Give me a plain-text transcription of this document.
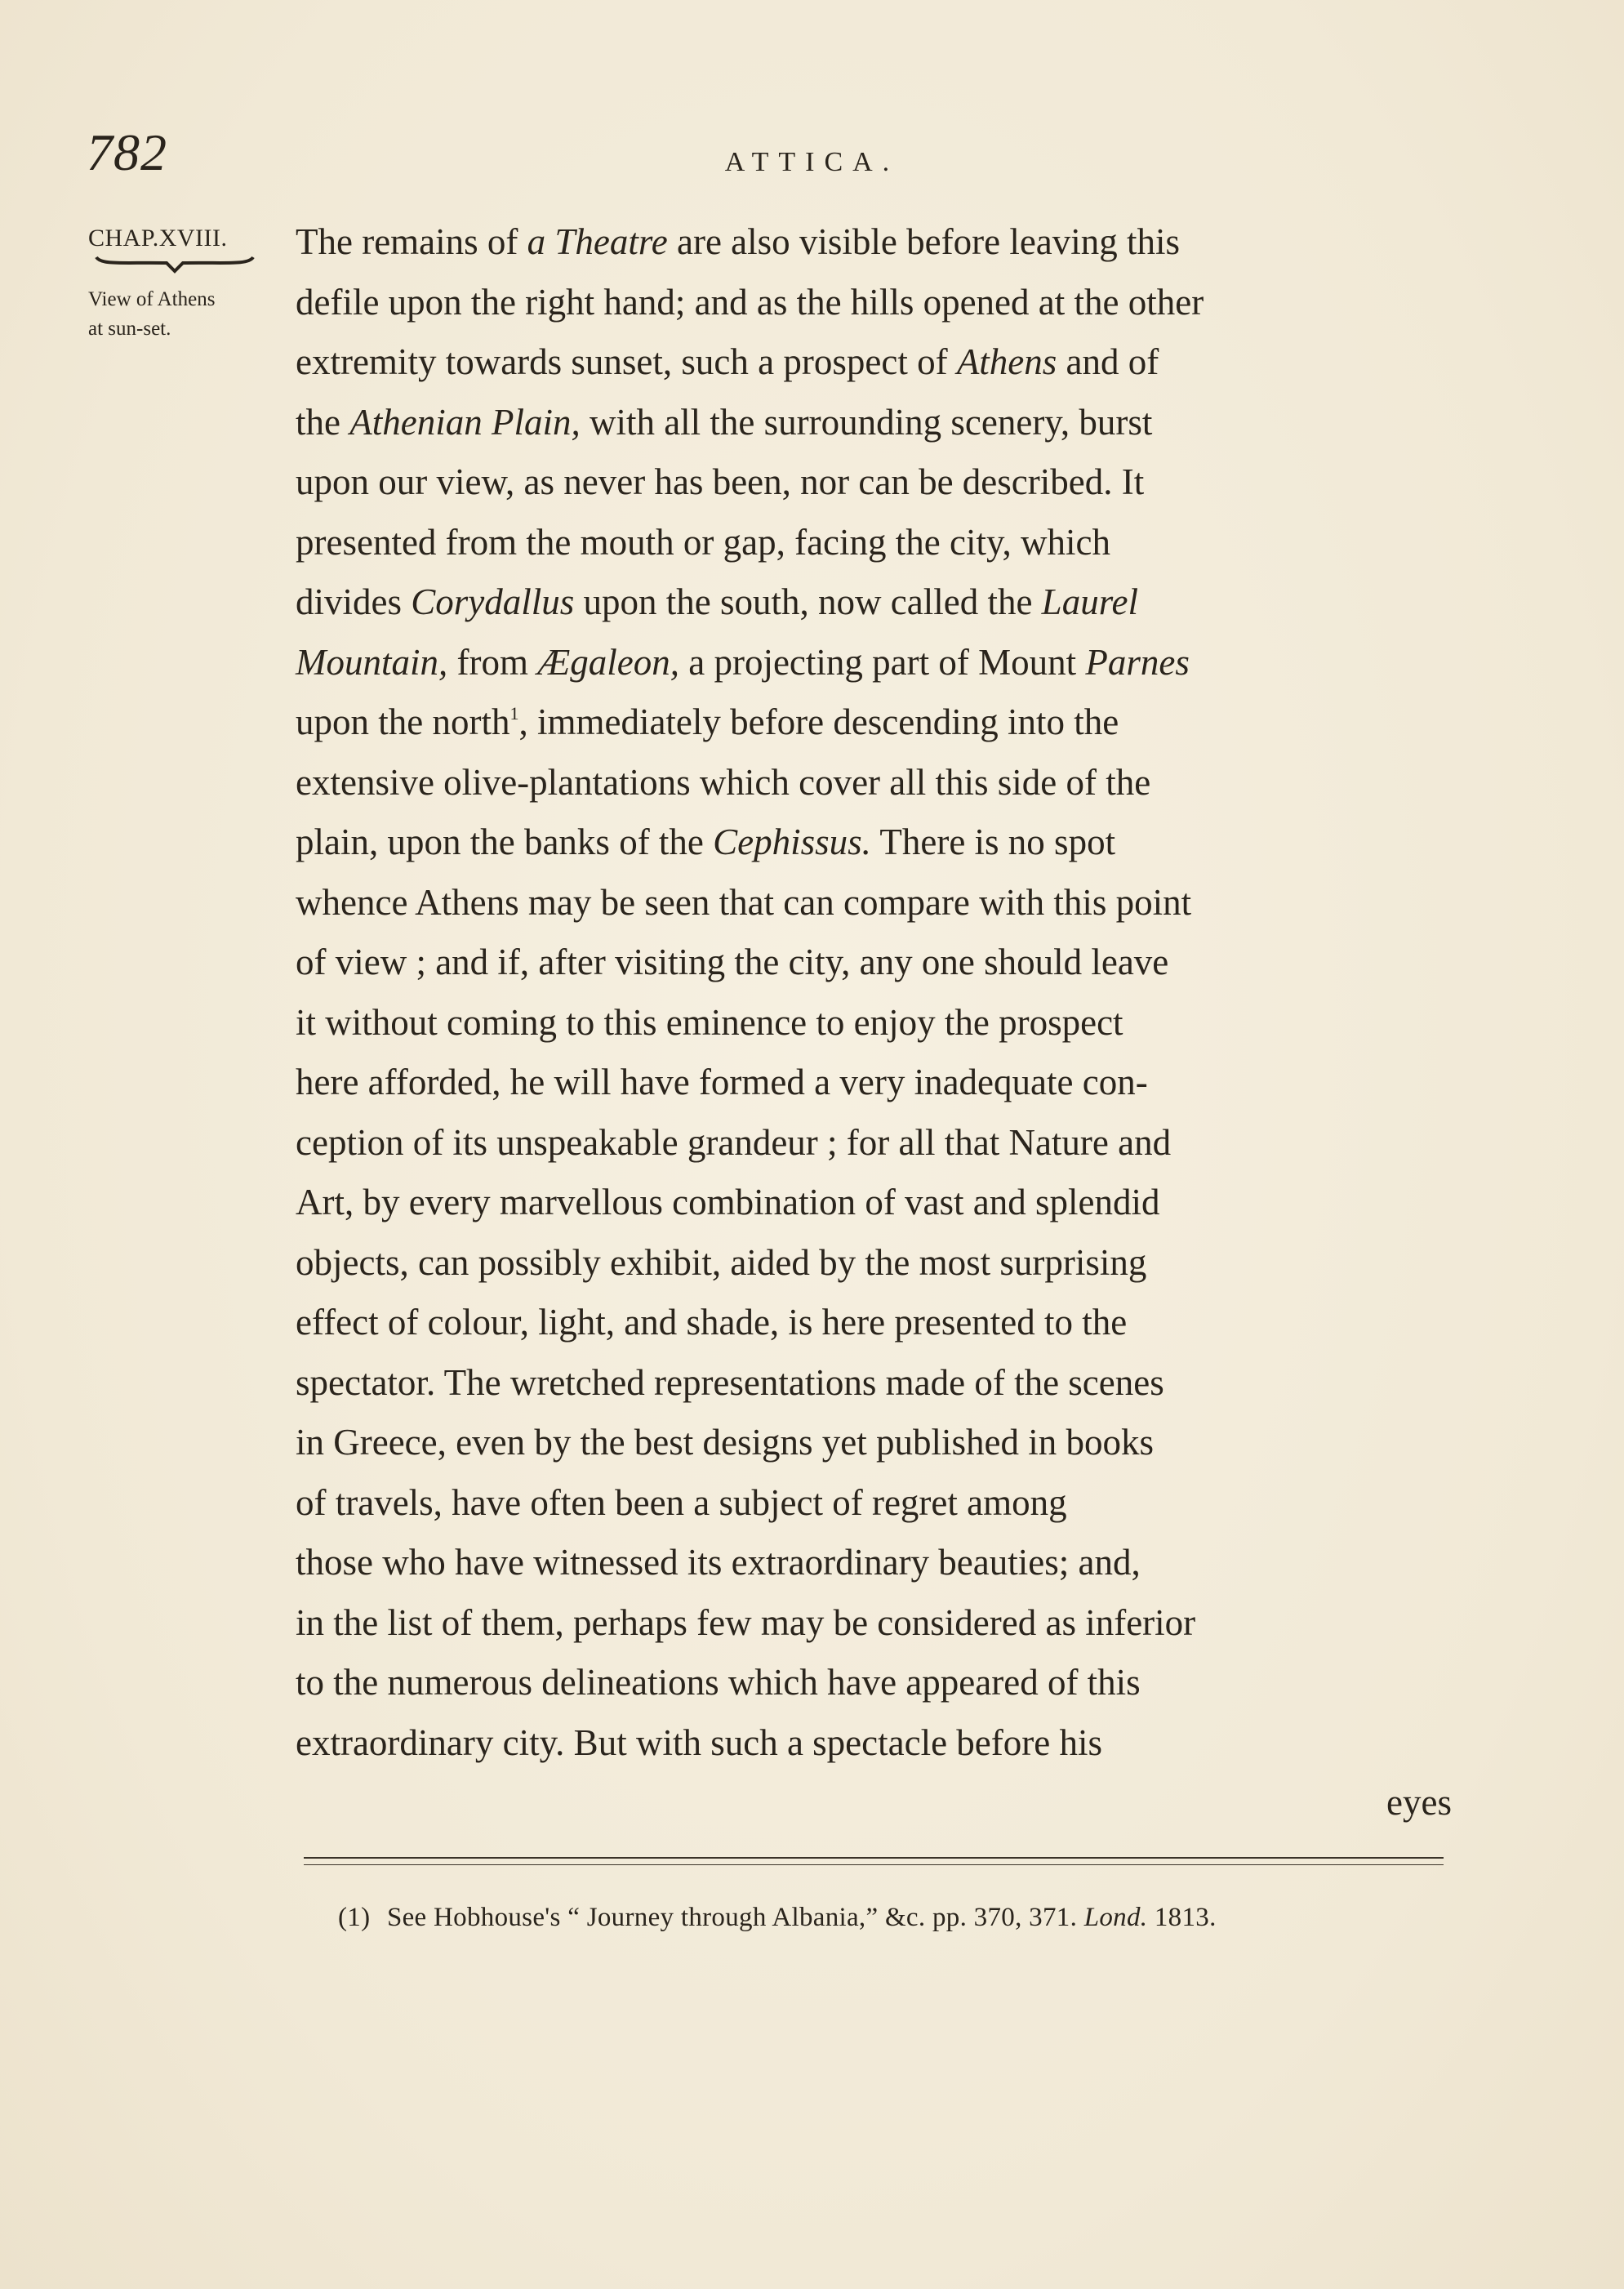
782	ATTICA.
CHAP.XVIII.
View of Athens
at sun-set.
The remains of a Theatre are also visible before leaving this
defile upon the right hand; and as the hills opened at the other
extremity towards sunset, such a prospect of Athens and of
the Athenian Plain, with all the surrounding scenery, burst
upon our view, as never has been, nor can be described. It
presented from the mouth or gap, facing the city, which
divides Corydallus upon the south, now called the Laurel
Mountain, from Ægaleon, a projecting part of Mount Parnes
upon the north$^1$, immediately before descending into the
extensive olive-plantations which cover all this side of the
plain, upon the banks of the Cephissus. There is no spot
whence Athens may be seen that can compare with this point
of view ; and if, after visiting the city, any one should leave
it without coming to this eminence to enjoy the prospect
here afforded, he will have formed a very inadequate con-
ception of its unspeakable grandeur ; for all that Nature and
Art, by every marvellous combination of vast and splendid
objects, can possibly exhibit, aided by the most surprising
effect of colour, light, and shade, is here presented to the
spectator. The wretched representations made of the scenes
in Greece, even by the best designs yet published in books
of travels, have often been a subject of regret among
those who have witnessed its extraordinary beauties; and,
in the list of them, perhaps few may be considered as inferior
to the numerous delineations which have appeared of this
extraordinary city. But with such a spectacle before his
eyes
(1) See Hobhouse's “ Journey through Albania,” &c. pp. 370, 371. Lond. 1813.
